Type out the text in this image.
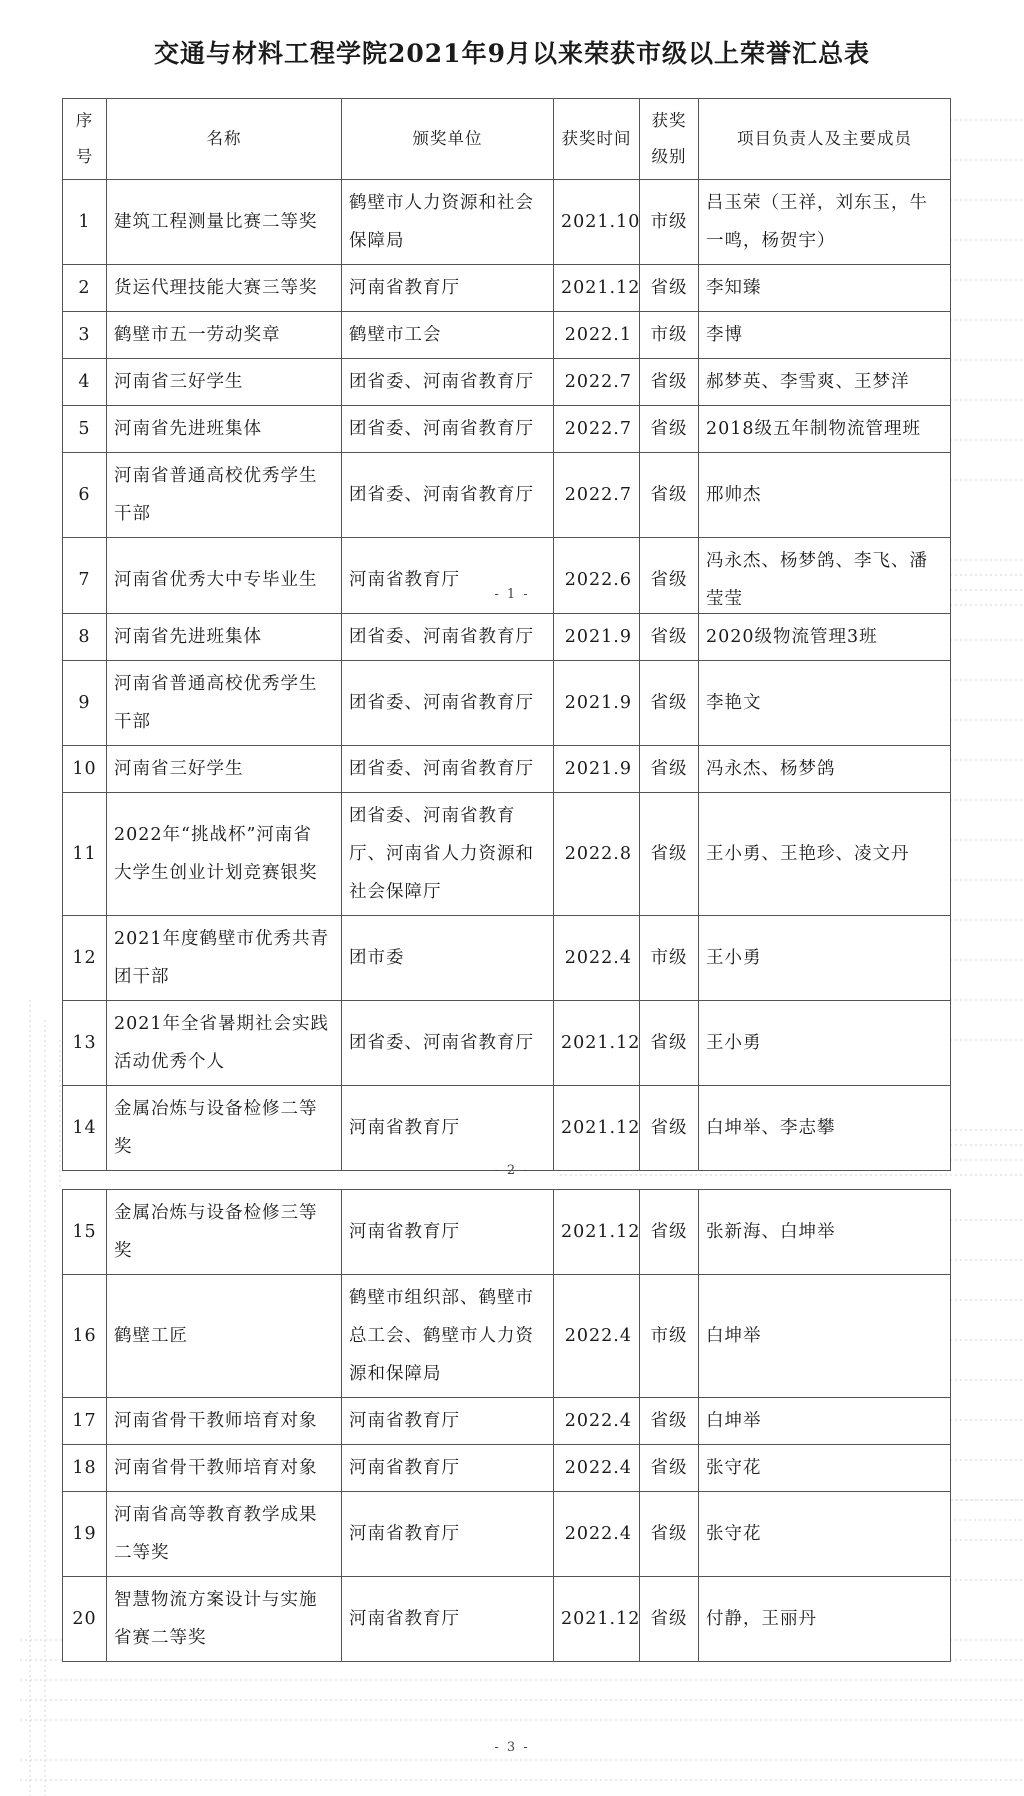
交通与材料工程学院2021年9月以来荣获市级以上荣誉汇总表
序号	名称	颁奖单位	获奖时间	获奖级别	项目负责人及主要成员
1	建筑工程测量比赛二等奖	鹤壁市人力资源和社会保障局	2021.10	市级	吕玉荣（王祥，刘东玉，牛一鸣，杨贺宇）
2	货运代理技能大赛三等奖	河南省教育厅	2021.12	省级	李知臻
3	鹤壁市五一劳动奖章	鹤壁市工会	2022.1	市级	李博
4	河南省三好学生	团省委、河南省教育厅	2022.7	省级	郝梦英、李雪爽、王梦洋
5	河南省先进班集体	团省委、河南省教育厅	2022.7	省级	2018级五年制物流管理班
6	河南省普通高校优秀学生干部	团省委、河南省教育厅	2022.7	省级	邢帅杰
7	河南省优秀大中专毕业生	河南省教育厅	2022.6	省级	冯永杰、杨梦鸽、李飞、潘莹莹
- 1 -
8	河南省先进班集体	团省委、河南省教育厅	2021.9	省级	2020级物流管理3班
9	河南省普通高校优秀学生干部	团省委、河南省教育厅	2021.9	省级	李艳文
10	河南省三好学生	团省委、河南省教育厅	2021.9	省级	冯永杰、杨梦鸽
11	2022年“挑战杯”河南省 大学生创业计划竞赛银奖	团省委、河南省教育厅、河南省人力资源和社会保障厅	2022.8	省级	王小勇、王艳珍、凌文丹
12	2021年度鹤壁市优秀共青团干部	团市委	2022.4	市级	王小勇
13	2021年全省暑期社会实践活动优秀个人	团省委、河南省教育厅	2021.12	省级	王小勇
14	金属冶炼与设备检修二等奖	河南省教育厅	2021.12	省级	白坤举、李志攀
- 2 -
15	金属冶炼与设备检修三等奖	河南省教育厅	2021.12	省级	张新海、白坤举
16	鹤壁工匠	鹤壁市组织部、鹤壁市总工会、鹤壁市人力资源和保障局	2022.4	市级	白坤举
17	河南省骨干教师培育对象	河南省教育厅	2022.4	省级	白坤举
18	河南省骨干教师培育对象	河南省教育厅	2022.4	省级	张守花
19	河南省高等教育教学成果二等奖	河南省教育厅	2022.4	省级	张守花
20	智慧物流方案设计与实施省赛二等奖	河南省教育厅	2021.12	省级	付静，王丽丹
- 3 -
